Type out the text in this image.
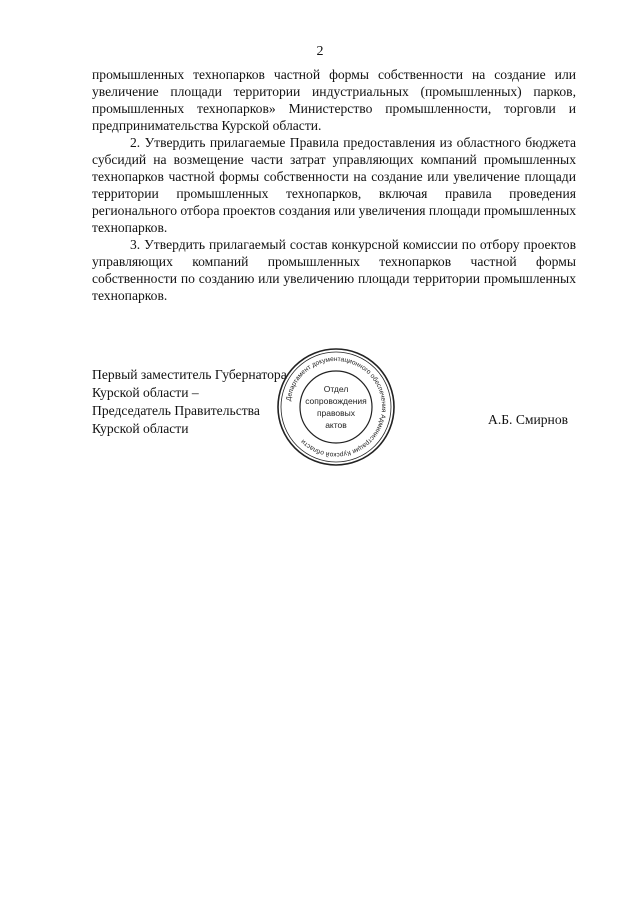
2

промышленных технопарков частной формы собственности на создание или увеличение площади территории индустриальных (промышленных) парков, промышленных технопарков» Министерство промышленности, торговли и предпринимательства Курской области.

2. Утвердить прилагаемые Правила предоставления из областного бюджета субсидий на возмещение части затрат управляющих компаний промышленных технопарков частной формы собственности на создание или увеличение площади территории промышленных технопарков, включая правила проведения регионального отбора проектов создания или увеличения площади промышленных технопарков.

3. Утвердить прилагаемый состав конкурсной комиссии по отбору проектов управляющих компаний промышленных технопарков частной формы собственности по созданию или увеличению площади территории промышленных технопарков.

Первый заместитель Губернатора
Курской области –
Председатель Правительства
Курской области
А.Б. Смирнов
Департамент документационного обеспечения Администрации Курской области
Отдел
сопровождения
правовых
актов
